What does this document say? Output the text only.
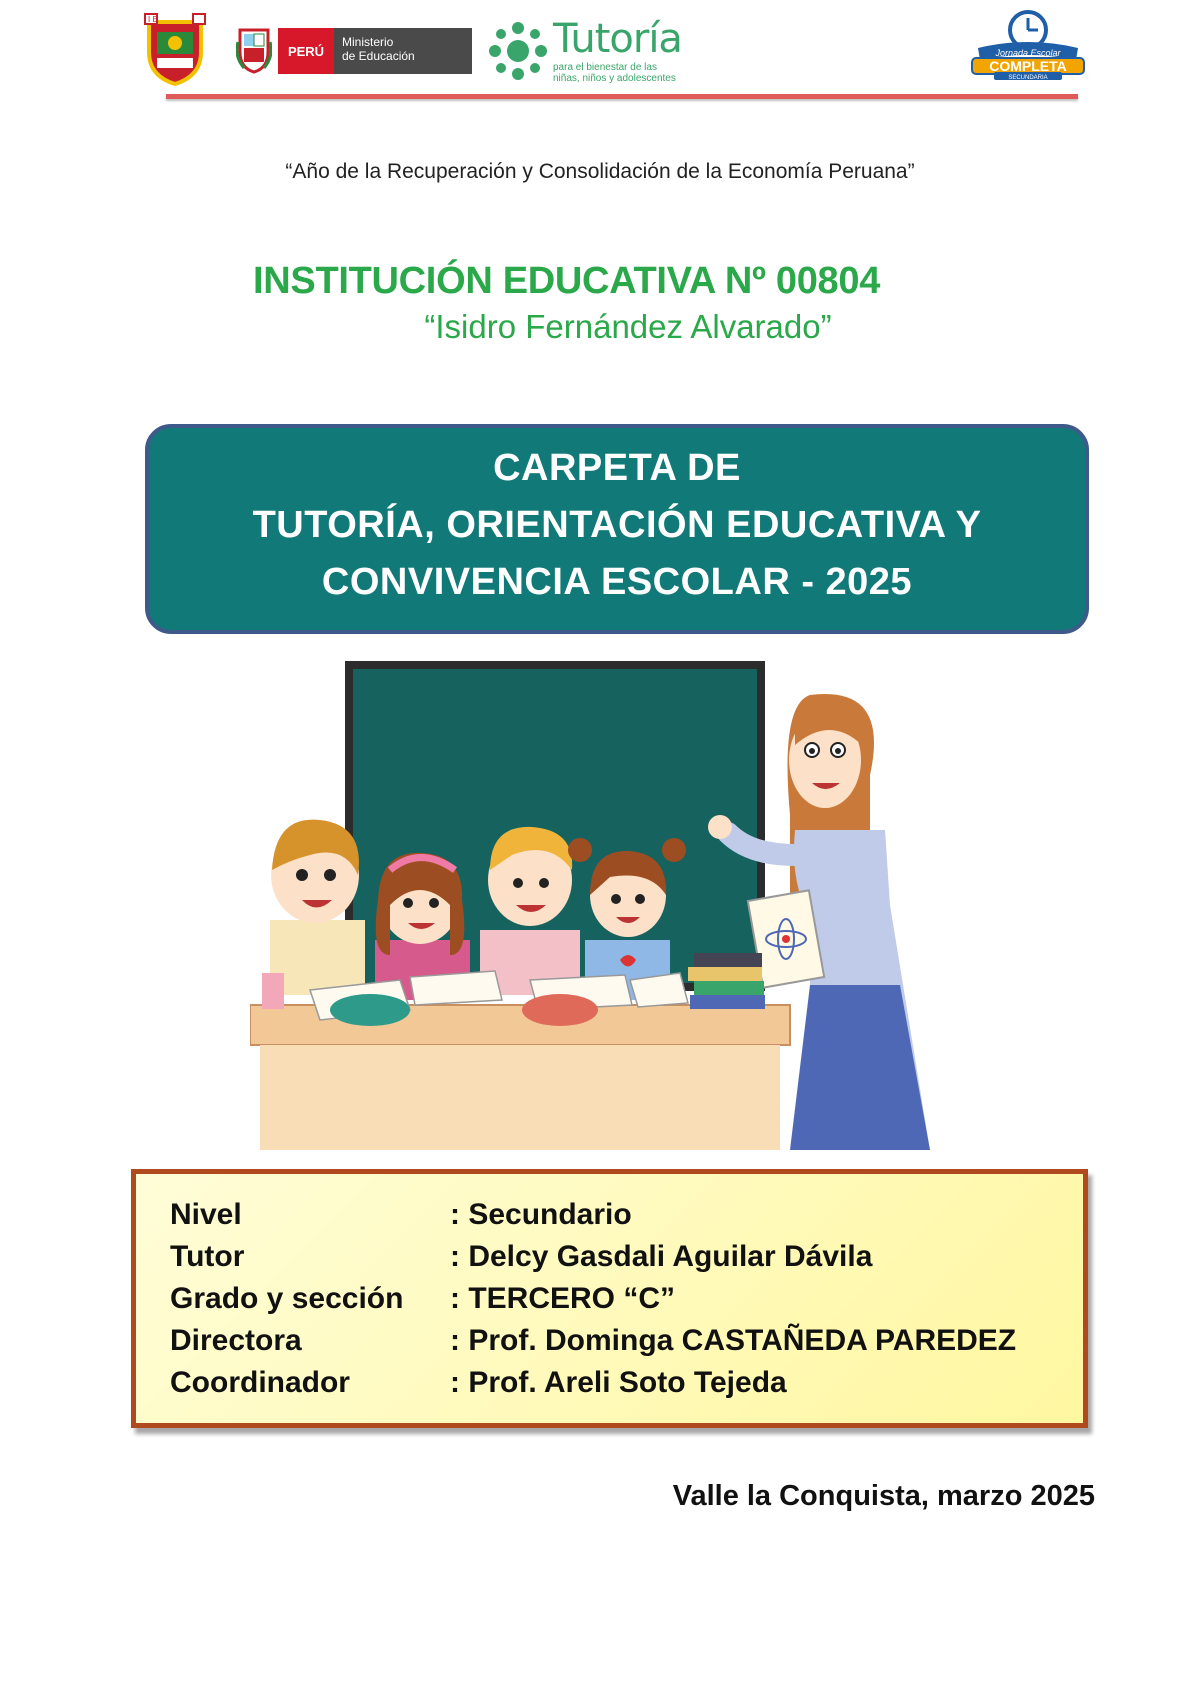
I E
PERÚ
Ministerio
de Educación	Tutoría
para el bienestar de las
niñas, niños y adolescentes
Jornada Escolar
COMPLETA
SECUNDARIA
“Año de la Recuperación y Consolidación de la Economía Peruana”
INSTITUCIÓN EDUCATIVA Nº 00804
“Isidro Fernández Alvarado”
CARPETA DE
TUTORÍA, ORIENTACIÓN EDUCATIVA Y
CONVIVENCIA ESCOLAR - 2025
Nivel	: Secundario
Tutor	: Delcy Gasdali Aguilar Dávila
Grado y sección	: TERCERO “C”
Directora	: Prof. Dominga CASTAÑEDA PAREDEZ
Coordinador	: Prof. Areli Soto Tejeda
Valle la Conquista, marzo 2025
